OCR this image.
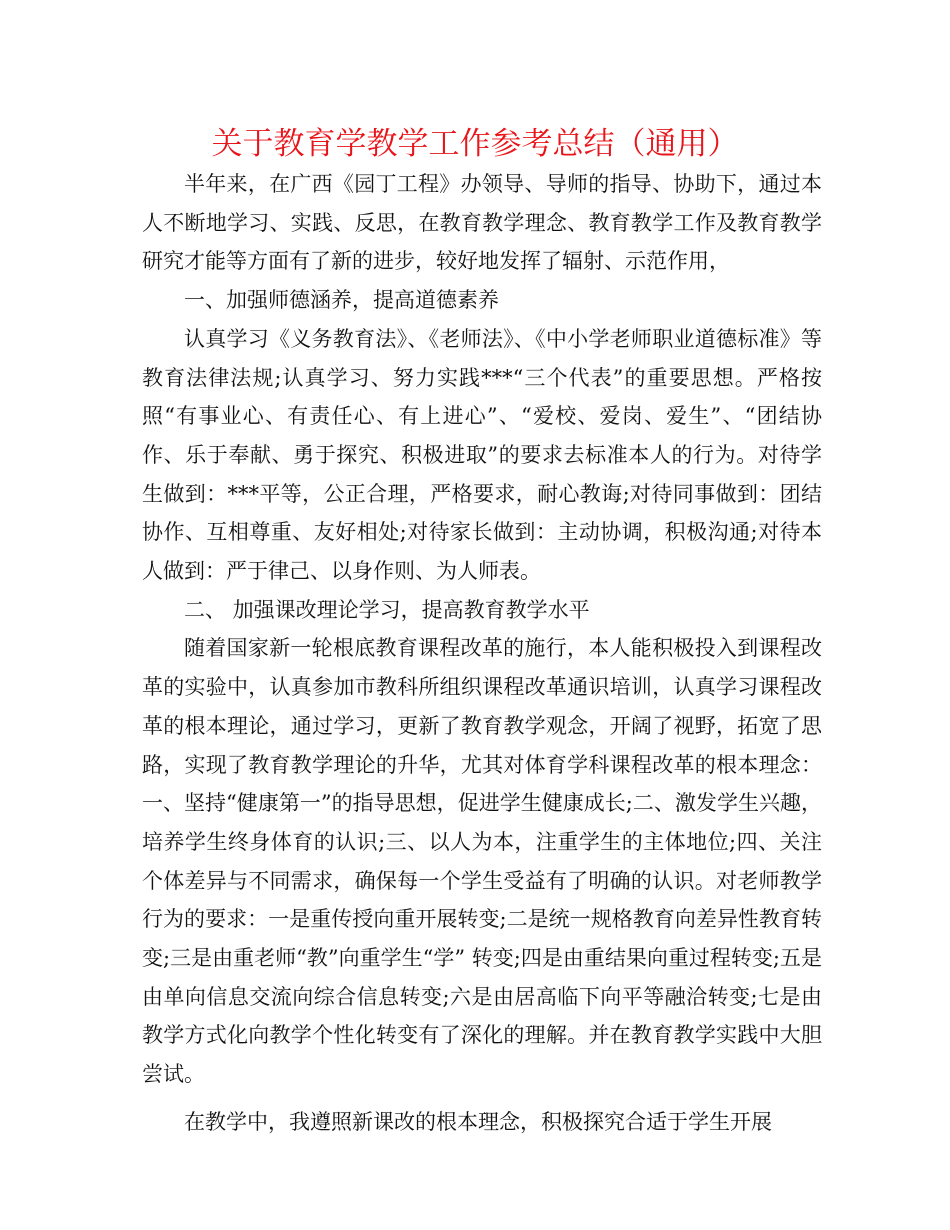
关于教育学教学工作参考总结（通用）

半年来，在广西《园丁工程》办领导、导师的指导、协助下，通过本人不断地学习、实践、反思，在教育教学理念、教育教学工作及教育教学研究才能等方面有了新的进步，较好地发挥了辐射、示范作用，

一、加强师德涵养，提高道德素养

认真学习《义务教育法》、《老师法》、《中小学老师职业道德标准》等教育法律法规;认真学习、努力实践***“三个代表”的重要思想。严格按照“有事业心、有责任心、有上进心”、“爱校、爱岗、爱生”、“团结协作、乐于奉献、勇于探究、积极进取”的要求去标准本人的行为。对待学生做到：***平等，公正合理，严格要求，耐心教诲;对待同事做到：团结协作、互相尊重、友好相处;对待家长做到：主动协调，积极沟通;对待本人做到：严于律己、以身作则、为人师表。

二、 加强课改理论学习，提高教育教学水平

随着国家新一轮根底教育课程改革的施行，本人能积极投入到课程改革的实验中，认真参加市教科所组织课程改革通识培训，认真学习课程改革的根本理论，通过学习，更新了教育教学观念，开阔了视野，拓宽了思路，实现了教育教学理论的升华，尤其对体育学科课程改革的根本理念：一、坚持“健康第一”的指导思想，促进学生健康成长;二、激发学生兴趣，培养学生终身体育的认识;三、以人为本，注重学生的主体地位;四、关注个体差异与不同需求，确保每一个学生受益有了明确的认识。对老师教学行为的要求：一是重传授向重开展转变;二是统一规格教育向差异性教育转变;三是由重老师“教”向重学生“学” 转变;四是由重结果向重过程转变;五是由单向信息交流向综合信息转变;六是由居高临下向平等融洽转变;七是由教学方式化向教学个性化转变有了深化的理解。并在教育教学实践中大胆尝试。

在教学中，我遵照新课改的根本理念，积极探究合适于学生开展
